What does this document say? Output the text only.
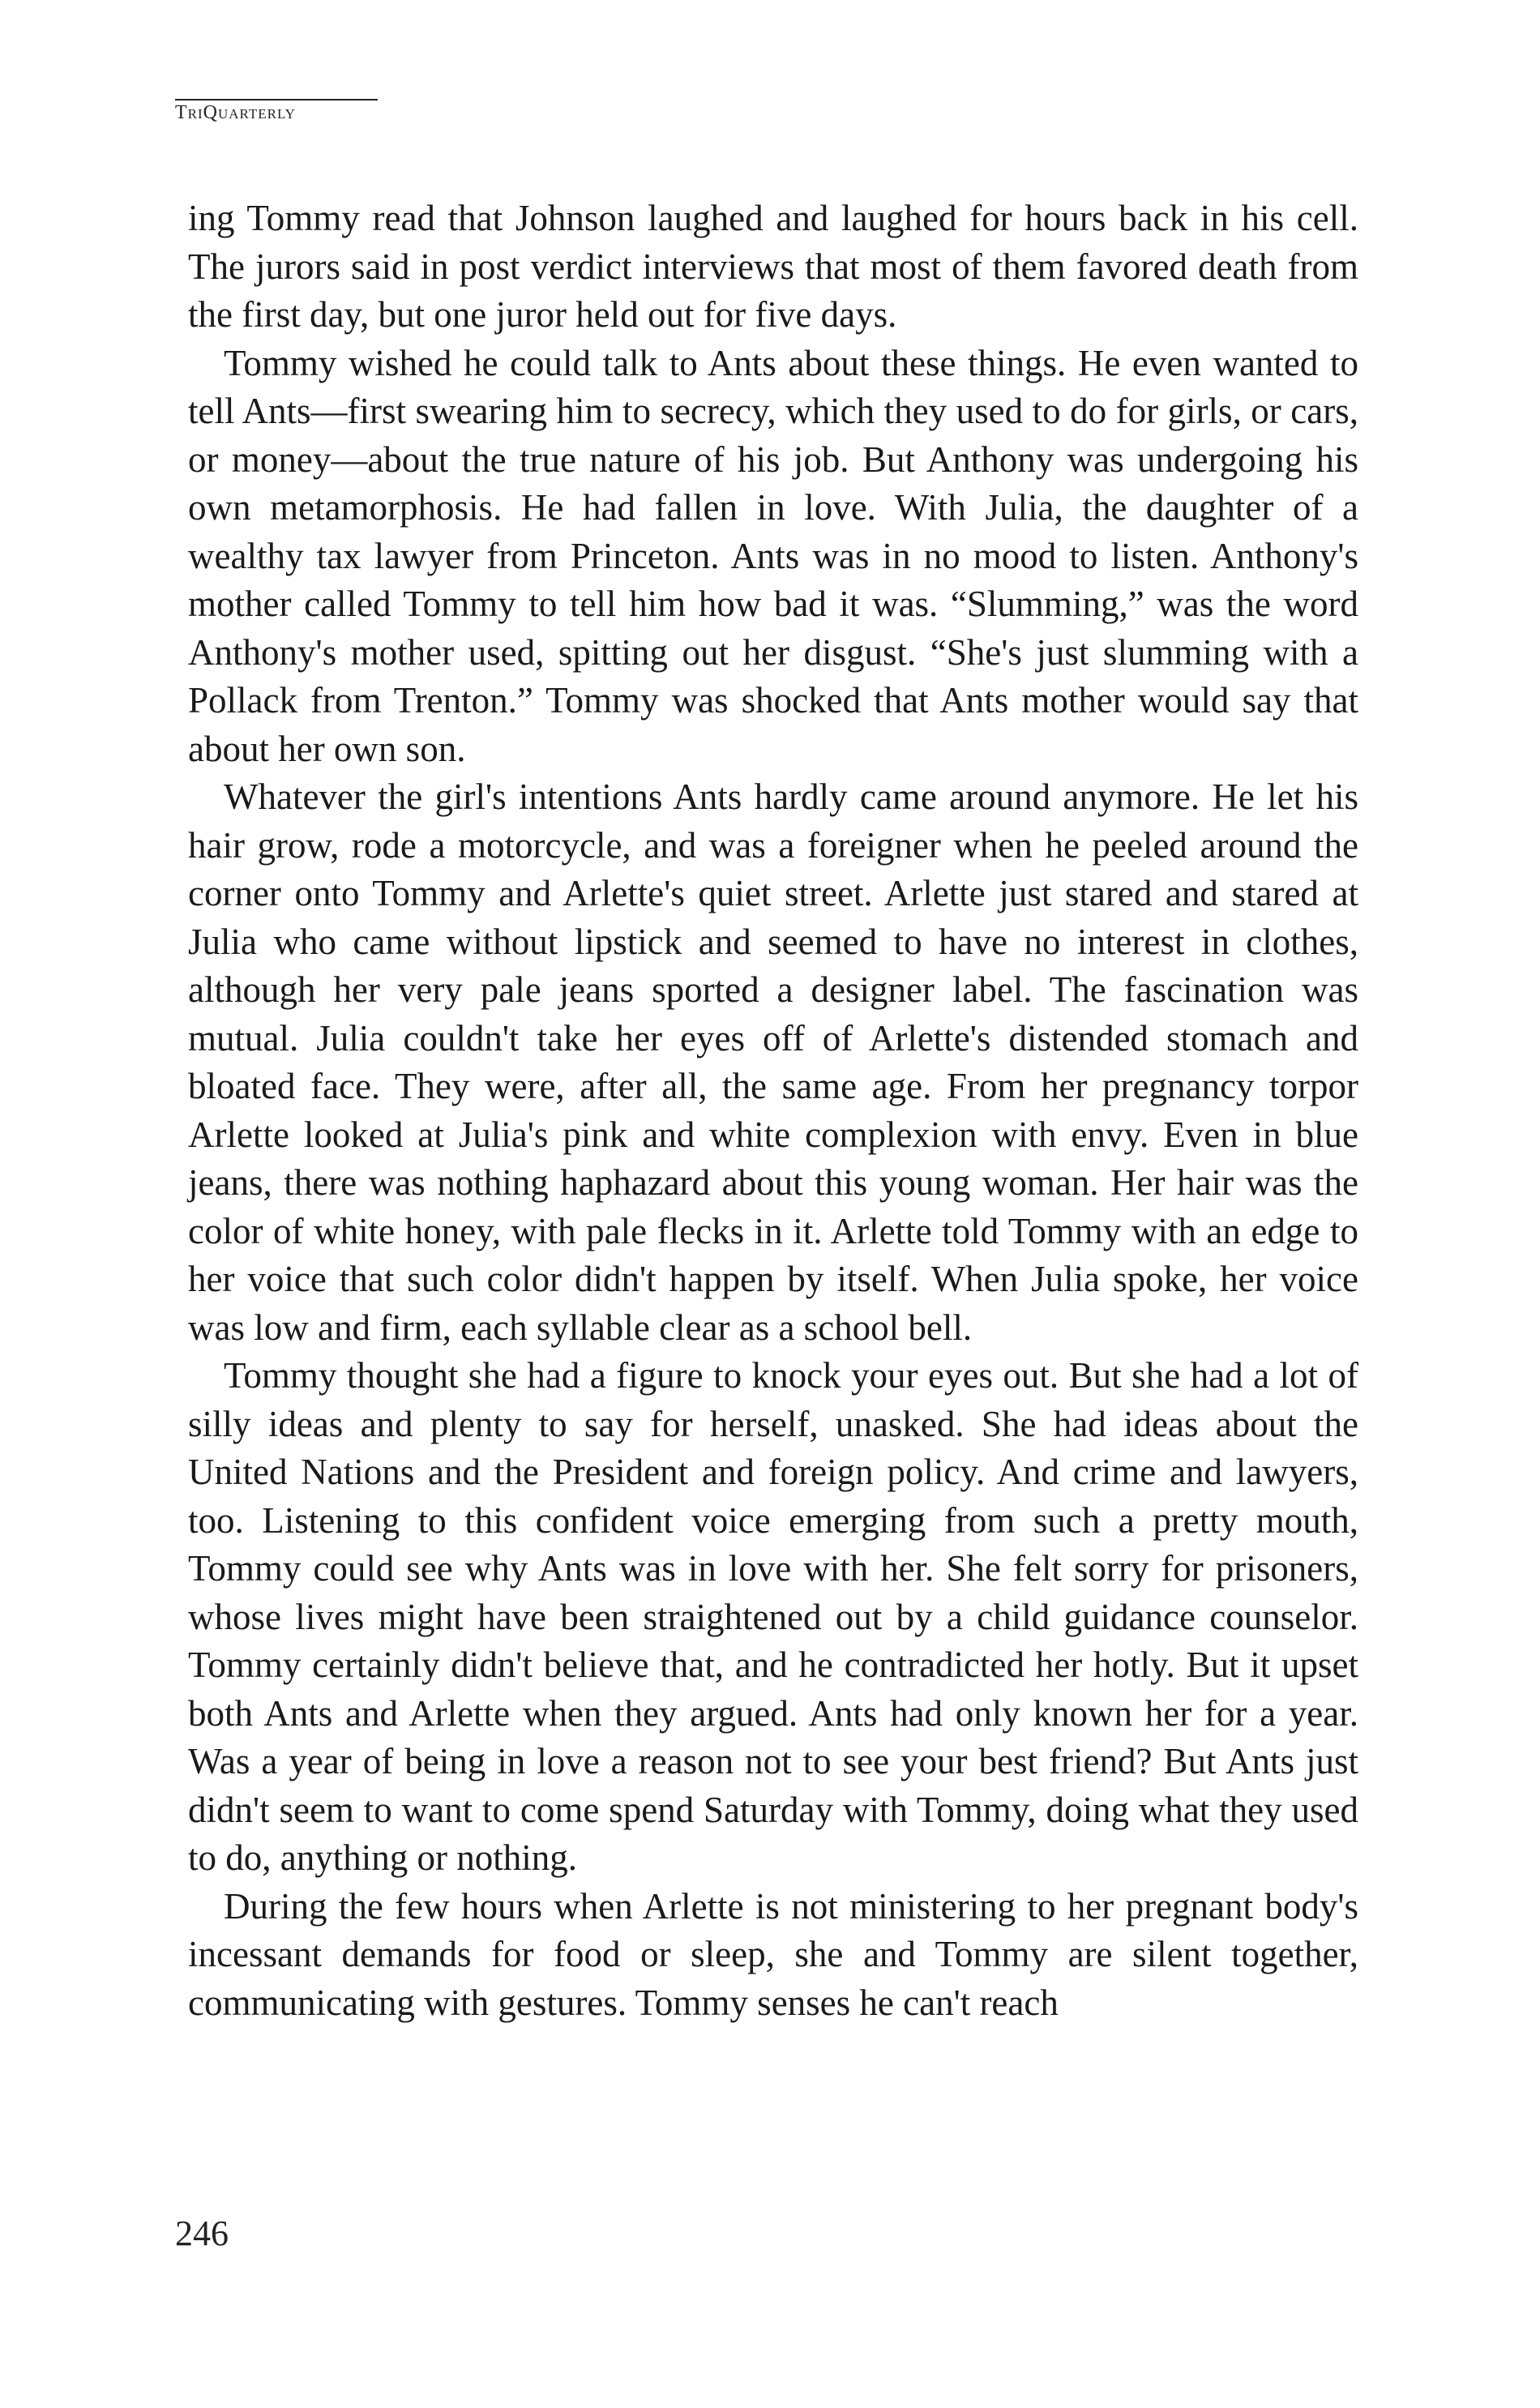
TriQuarterly

ing Tommy read that Johnson laughed and laughed for hours back in his cell. The jurors said in post verdict interviews that most of them favored death from the first day, but one juror held out for five days.

Tommy wished he could talk to Ants about these things. He even wanted to tell Ants—first swearing him to secrecy, which they used to do for girls, or cars, or money—about the true nature of his job. But Anthony was undergoing his own metamorphosis. He had fallen in love. With Julia, the daughter of a wealthy tax lawyer from Princeton. Ants was in no mood to listen. Anthony's mother called Tommy to tell him how bad it was. “Slumming,” was the word Anthony's mother used, spitting out her disgust. “She's just slumming with a Pollack from Trenton.” Tommy was shocked that Ants mother would say that about her own son.

Whatever the girl's intentions Ants hardly came around anymore. He let his hair grow, rode a motorcycle, and was a foreigner when he peeled around the corner onto Tommy and Arlette's quiet street. Arlette just stared and stared at Julia who came without lipstick and seemed to have no interest in clothes, although her very pale jeans sported a designer label. The fascination was mutual. Julia couldn't take her eyes off of Arlette's distended stomach and bloated face. They were, after all, the same age. From her pregnancy torpor Arlette looked at Julia's pink and white complexion with envy. Even in blue jeans, there was nothing haphazard about this young woman. Her hair was the color of white honey, with pale flecks in it. Arlette told Tommy with an edge to her voice that such color didn't happen by itself. When Julia spoke, her voice was low and firm, each syllable clear as a school bell.

Tommy thought she had a figure to knock your eyes out. But she had a lot of silly ideas and plenty to say for herself, unasked. She had ideas about the United Nations and the President and foreign policy. And crime and lawyers, too. Listening to this confident voice emerging from such a pretty mouth, Tommy could see why Ants was in love with her. She felt sorry for prisoners, whose lives might have been straightened out by a child guidance counselor. Tommy certainly didn't believe that, and he contradicted her hotly. But it upset both Ants and Arlette when they argued. Ants had only known her for a year. Was a year of being in love a reason not to see your best friend? But Ants just didn't seem to want to come spend Saturday with Tommy, doing what they used to do, anything or nothing.

During the few hours when Arlette is not ministering to her pregnant body's incessant demands for food or sleep, she and Tommy are silent together, communicating with gestures. Tommy senses he can't reach

246
